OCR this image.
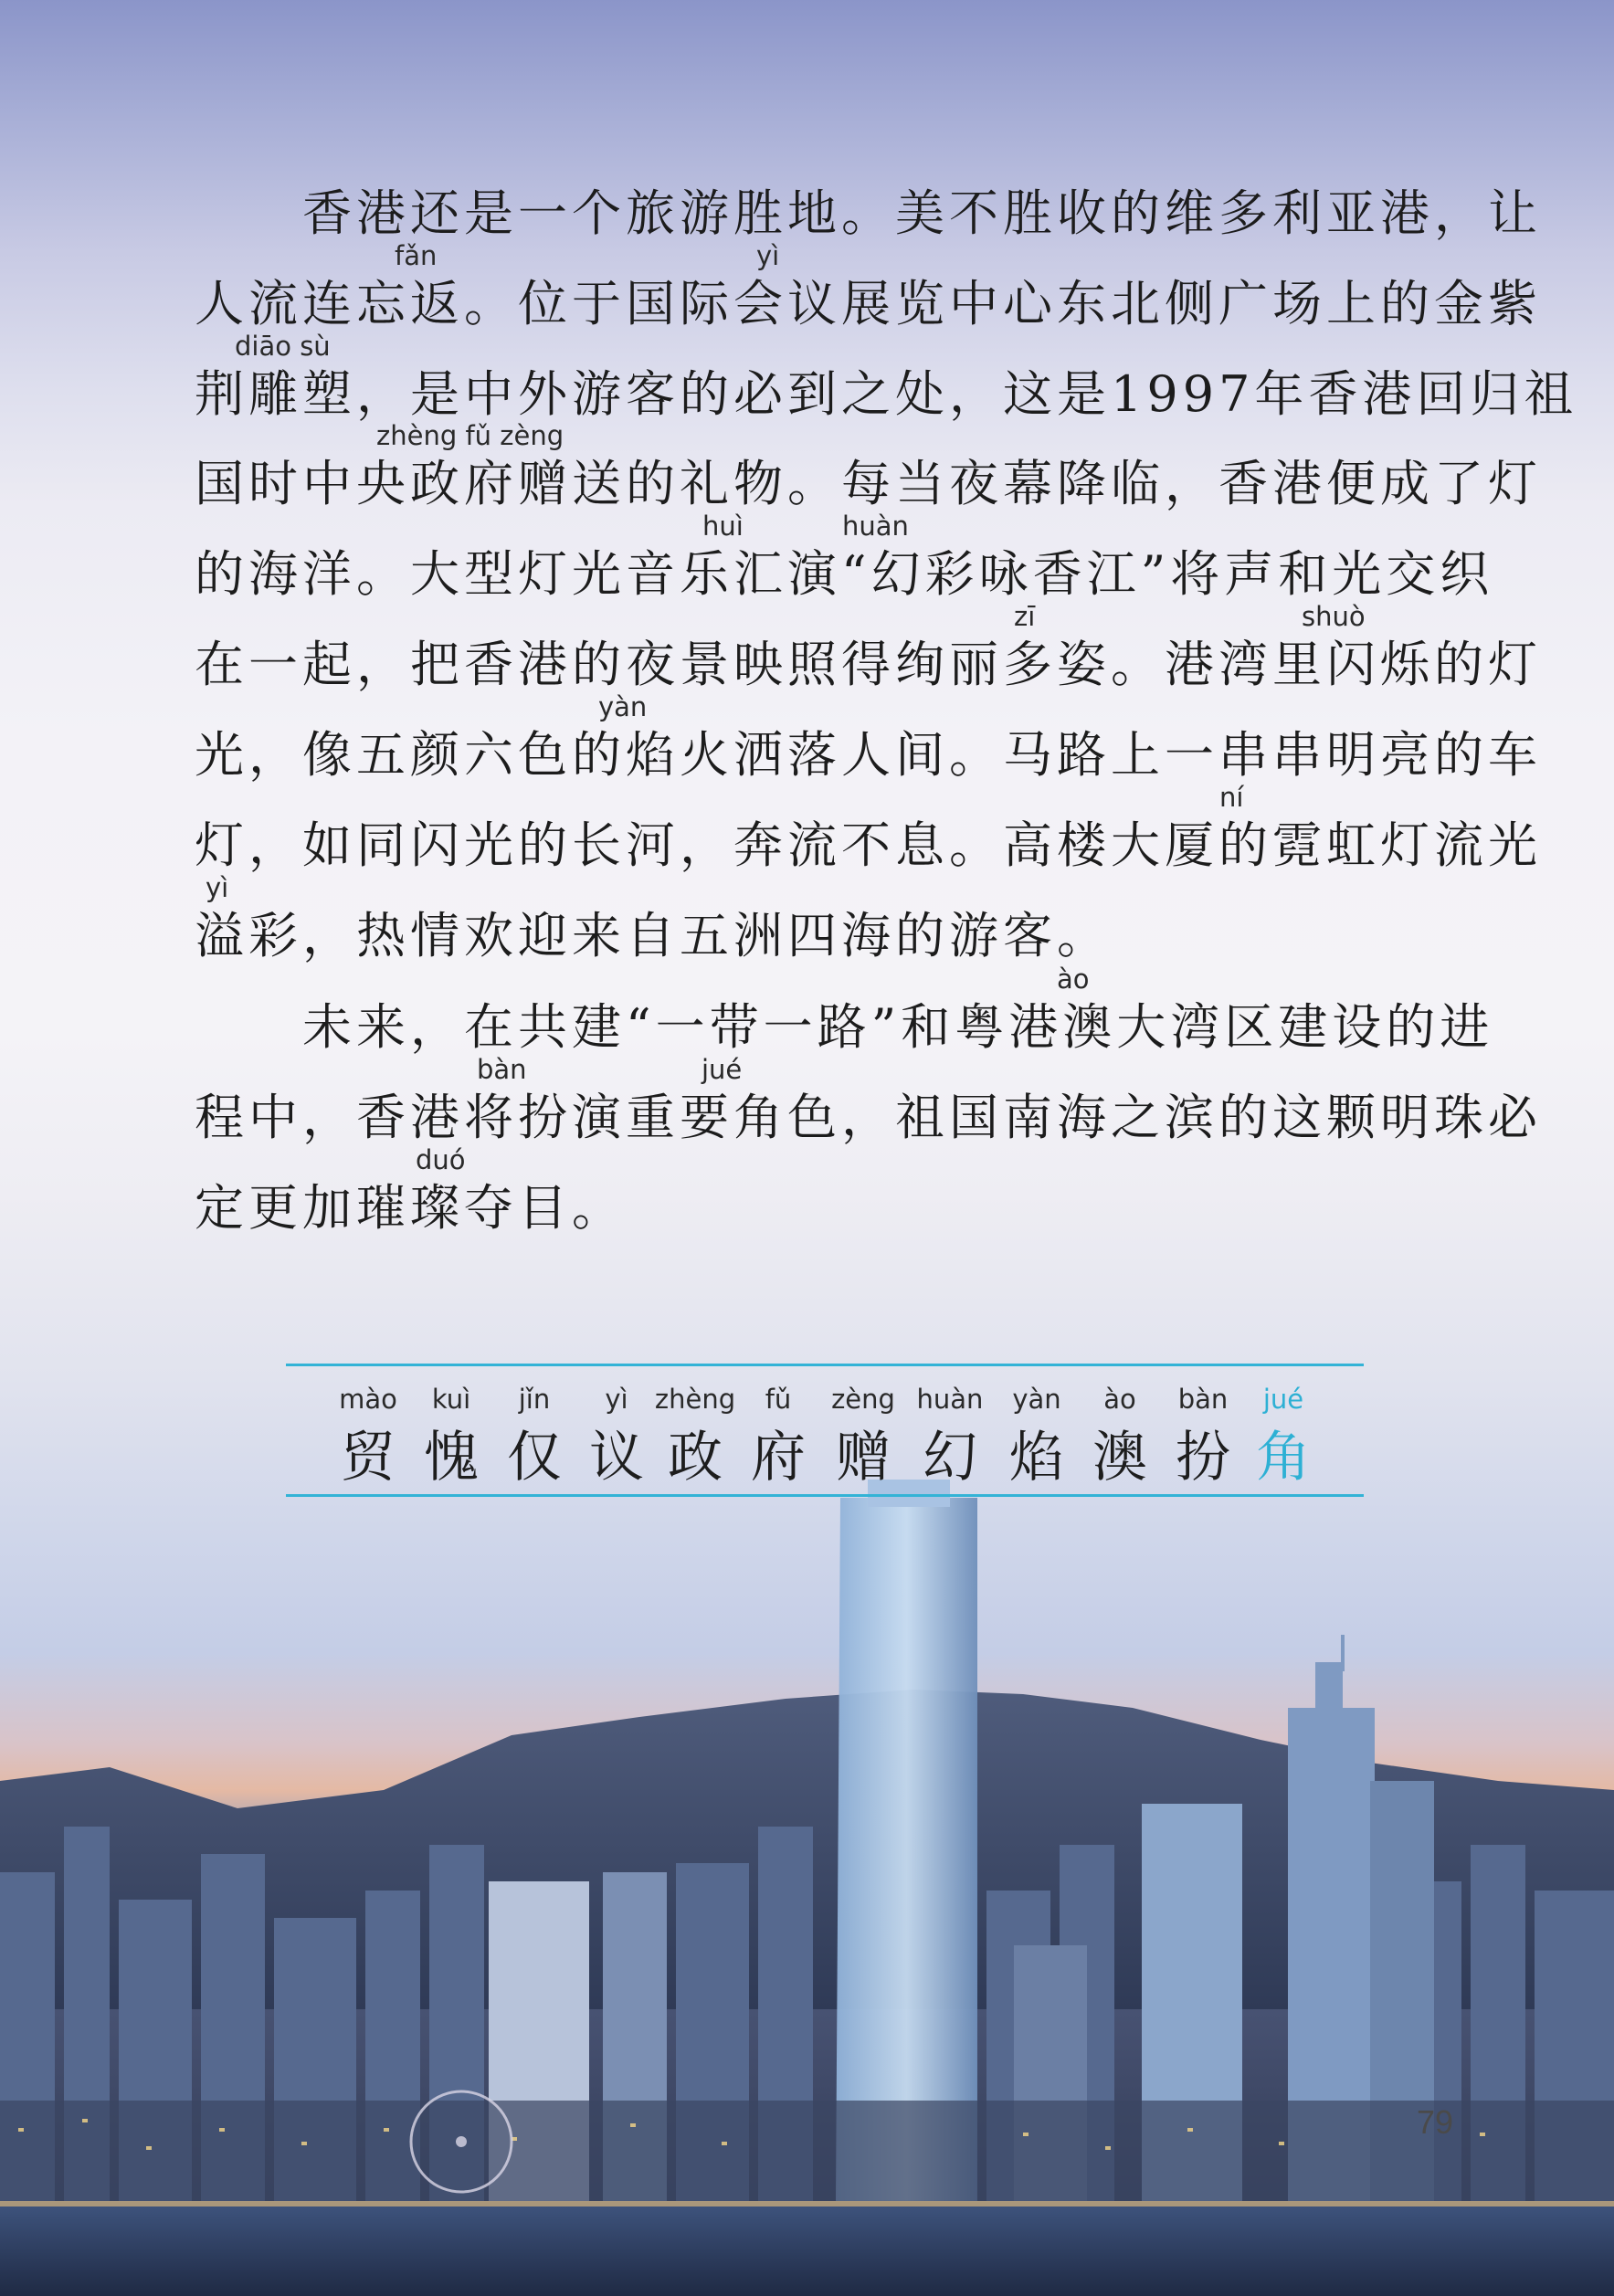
　　香港还是一个旅游胜地。美不胜收的维多利亚港，让
人流连忘返。位于国际会议展览中心东北侧广场上的金紫
荆雕塑，是中外游客的必到之处，这是1997年香港回归祖
国时中央政府赠送的礼物。每当夜幕降临，香港便成了灯
的海洋。大型灯光音乐汇演“幻彩咏香江”将声和光交织
在一起，把香港的夜景映照得绚丽多姿。港湾里闪烁的灯
光，像五颜六色的焰火洒落人间。马路上一串串明亮的车
灯，如同闪光的长河，奔流不息。高楼大厦的霓虹灯流光
溢彩，热情欢迎来自五洲四海的游客。
　　未来，在共建“一带一路”和粤港澳大湾区建设的进
程中，香港将扮演重要角色，祖国南海之滨的这颗明珠必
定更加璀璨夺目。
fǎn	yì
diāo sù
zhèng fǔ zèng
huì	huàn
zī	shuò
yàn
ní
yì
ào
bàn	jué
duó
mào
贸
kuì
愧
jǐn
仅
yì
议
zhèng
政
fǔ
府
zèng
赠
huàn
幻
yàn
焰
ào
澳
bàn
扮
jué
角
79
